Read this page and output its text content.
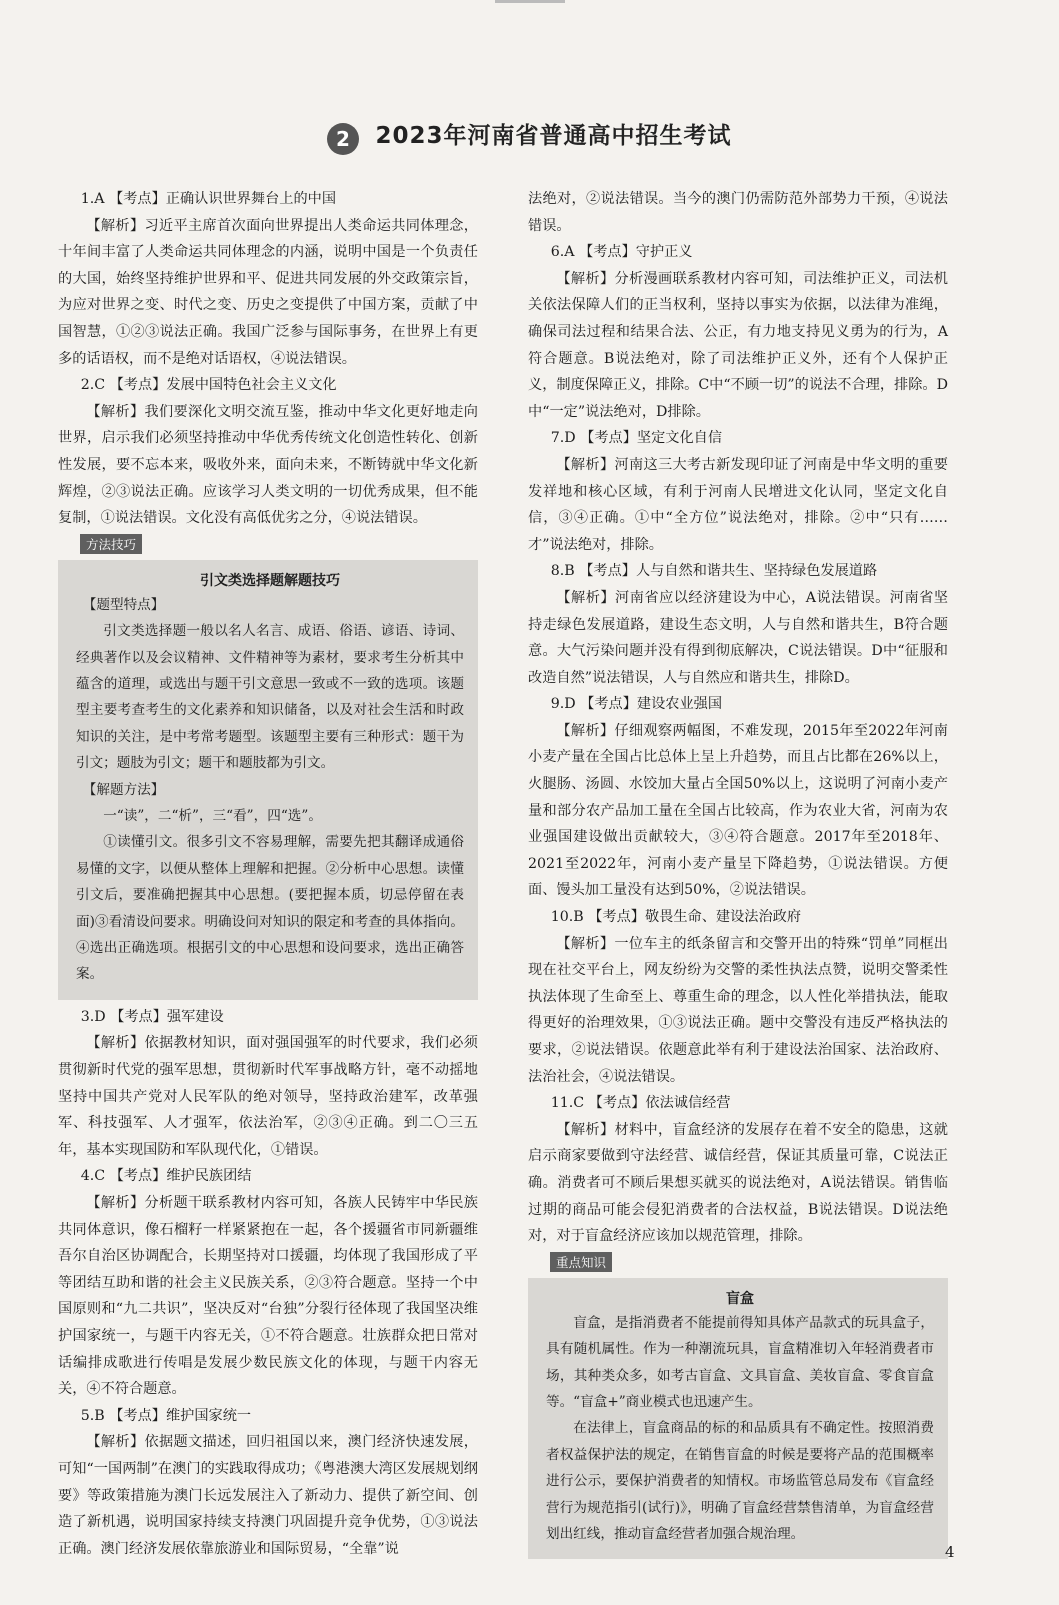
2 2023年河南省普通高中招生考试

1.A 【考点】正确认识世界舞台上的中国

【解析】习近平主席首次面向世界提出人类命运共同体理念，十年间丰富了人类命运共同体理念的内涵，说明中国是一个负责任的大国，始终坚持维护世界和平、促进共同发展的外交政策宗旨，为应对世界之变、时代之变、历史之变提供了中国方案，贡献了中国智慧，①②③说法正确。我国广泛参与国际事务，在世界上有更多的话语权，而不是绝对话语权，④说法错误。

2.C 【考点】发展中国特色社会主义文化

【解析】我们要深化文明交流互鉴，推动中华文化更好地走向世界，启示我们必须坚持推动中华优秀传统文化创造性转化、创新性发展，要不忘本来，吸收外来，面向未来，不断铸就中华文化新辉煌，②③说法正确。应该学习人类文明的一切优秀成果，但不能复制，①说法错误。文化没有高低优劣之分，④说法错误。

方法技巧
引文类选择题解题技巧

【题型特点】

引文类选择题一般以名人名言、成语、俗语、谚语、诗词、经典著作以及会议精神、文件精神等为素材，要求考生分析其中蕴含的道理，或选出与题干引文意思一致或不一致的选项。该题型主要考查考生的文化素养和知识储备，以及对社会生活和时政知识的关注，是中考常考题型。该题型主要有三种形式：题干为引文；题肢为引文；题干和题肢都为引文。

【解题方法】

一“读”，二“析”，三“看”，四“选”。

①读懂引文。很多引文不容易理解，需要先把其翻译成通俗易懂的文字，以便从整体上理解和把握。②分析中心思想。读懂引文后，要准确把握其中心思想。(要把握本质，切忌停留在表面)③看清设问要求。明确设问对知识的限定和考查的具体指向。④选出正确选项。根据引文的中心思想和设问要求，选出正确答案。

3.D 【考点】强军建设

【解析】依据教材知识，面对强国强军的时代要求，我们必须贯彻新时代党的强军思想，贯彻新时代军事战略方针，毫不动摇地坚持中国共产党对人民军队的绝对领导，坚持政治建军，改革强军、科技强军、人才强军，依法治军，②③④正确。到二〇三五年，基本实现国防和军队现代化，①错误。

4.C 【考点】维护民族团结

【解析】分析题干联系教材内容可知，各族人民铸牢中华民族共同体意识，像石榴籽一样紧紧抱在一起，各个援疆省市同新疆维吾尔自治区协调配合，长期坚持对口援疆，均体现了我国形成了平等团结互助和谐的社会主义民族关系，②③符合题意。坚持一个中国原则和“九二共识”，坚决反对“台独”分裂行径体现了我国坚决维护国家统一，与题干内容无关，①不符合题意。壮族群众把日常对话编排成歌进行传唱是发展少数民族文化的体现，与题干内容无关，④不符合题意。

5.B 【考点】维护国家统一

【解析】依据题文描述，回归祖国以来，澳门经济快速发展，可知“一国两制”在澳门的实践取得成功；《粤港澳大湾区发展规划纲要》等政策措施为澳门长远发展注入了新动力、提供了新空间、创造了新机遇，说明国家持续支持澳门巩固提升竞争优势，①③说法正确。澳门经济发展依靠旅游业和国际贸易，“全靠”说

法绝对，②说法错误。当今的澳门仍需防范外部势力干预，④说法错误。

6.A 【考点】守护正义

【解析】分析漫画联系教材内容可知，司法维护正义，司法机关依法保障人们的正当权利，坚持以事实为依据，以法律为准绳，确保司法过程和结果合法、公正，有力地支持见义勇为的行为，A符合题意。B说法绝对，除了司法维护正义外，还有个人保护正义，制度保障正义，排除。C中“不顾一切”的说法不合理，排除。D中“一定”说法绝对，D排除。

7.D 【考点】坚定文化自信

【解析】河南这三大考古新发现印证了河南是中华文明的重要发祥地和核心区域，有利于河南人民增进文化认同，坚定文化自信，③④正确。①中“全方位”说法绝对，排除。②中“只有……才”说法绝对，排除。

8.B 【考点】人与自然和谐共生、坚持绿色发展道路

【解析】河南省应以经济建设为中心，A说法错误。河南省坚持走绿色发展道路，建设生态文明，人与自然和谐共生，B符合题意。大气污染问题并没有得到彻底解决，C说法错误。D中“征服和改造自然”说法错误，人与自然应和谐共生，排除D。

9.D 【考点】建设农业强国

【解析】仔细观察两幅图，不难发现，2015年至2022年河南小麦产量在全国占比总体上呈上升趋势，而且占比都在26%以上，火腿肠、汤圆、水饺加大量占全国50%以上，这说明了河南小麦产量和部分农产品加工量在全国占比较高，作为农业大省，河南为农业强国建设做出贡献较大，③④符合题意。2017年至2018年、2021至2022年，河南小麦产量呈下降趋势，①说法错误。方便面、馒头加工量没有达到50%，②说法错误。

10.B 【考点】敬畏生命、建设法治政府

【解析】一位车主的纸条留言和交警开出的特殊“罚单”同框出现在社交平台上，网友纷纷为交警的柔性执法点赞，说明交警柔性执法体现了生命至上、尊重生命的理念，以人性化举措执法，能取得更好的治理效果，①③说法正确。题中交警没有违反严格执法的要求，②说法错误。依题意此举有利于建设法治国家、法治政府、法治社会，④说法错误。

11.C 【考点】依法诚信经营

【解析】材料中，盲盒经济的发展存在着不安全的隐患，这就启示商家要做到守法经营、诚信经营，保证其质量可靠，C说法正确。消费者可不顾后果想买就买的说法绝对，A说法错误。销售临过期的商品可能会侵犯消费者的合法权益，B说法错误。D说法绝对，对于盲盒经济应该加以规范管理，排除。

重点知识
盲盒

盲盒，是指消费者不能提前得知具体产品款式的玩具盒子，具有随机属性。作为一种潮流玩具，盲盒精准切入年轻消费者市场，其种类众多，如考古盲盒、文具盲盒、美妆盲盒、零食盲盒等。“盲盒+”商业模式也迅速产生。

在法律上，盲盒商品的标的和品质具有不确定性。按照消费者权益保护法的规定，在销售盲盒的时候是要将产品的范围概率进行公示，要保护消费者的知情权。市场监管总局发布《盲盒经营行为规范指引(试行)》，明确了盲盒经营禁售清单，为盲盒经营划出红线，推动盲盒经营者加强合规治理。

4
